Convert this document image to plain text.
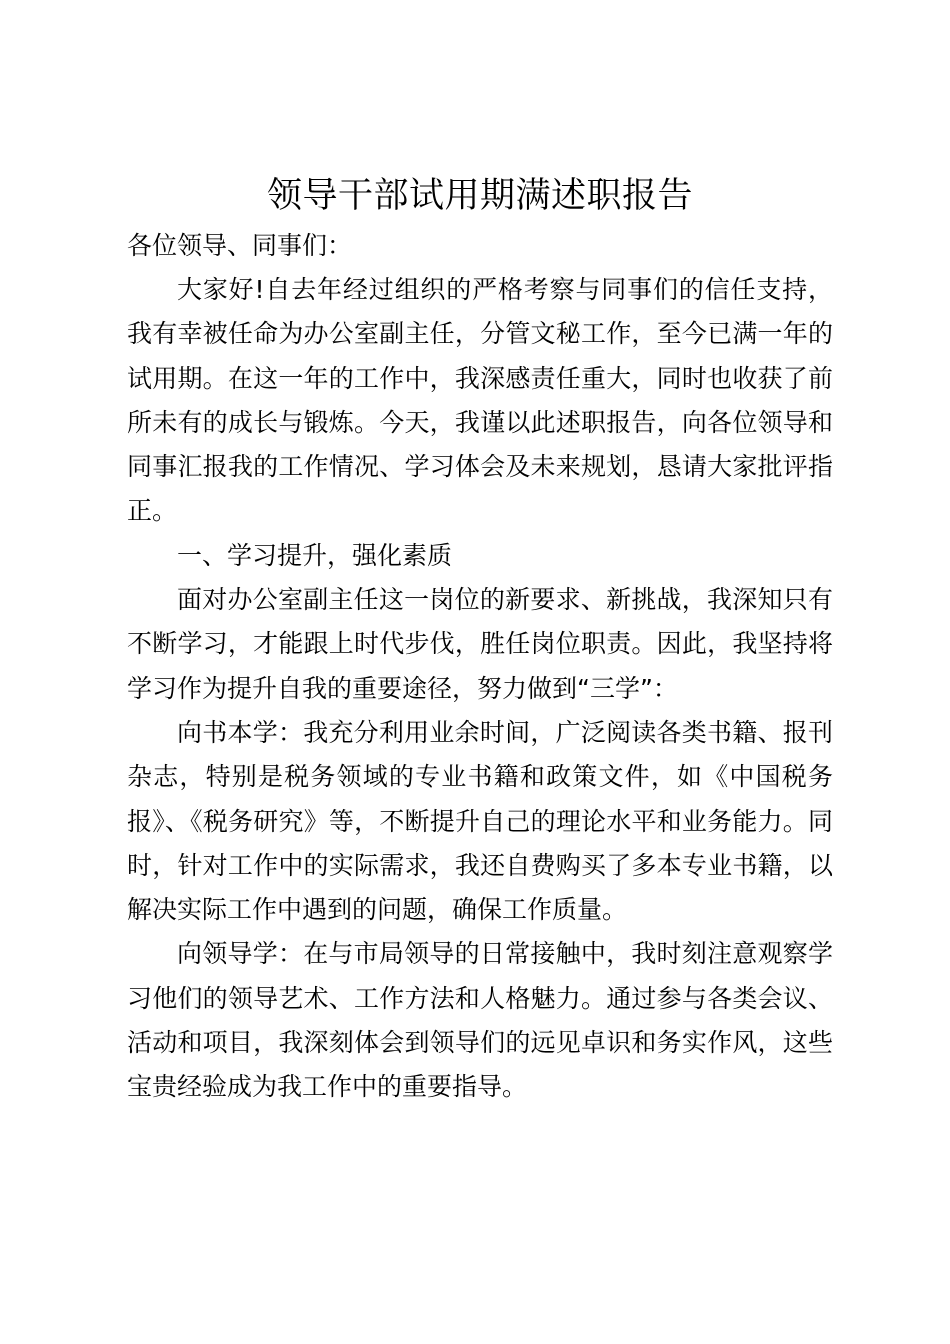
领导干部试用期满述职报告

各位领导、同事们：

大家好!自去年经过组织的严格考察与同事们的信任支持，我有幸被任命为办公室副主任，分管文秘工作，至今已满一年的试用期。在这一年的工作中，我深感责任重大，同时也收获了前所未有的成长与锻炼。今天，我谨以此述职报告，向各位领导和同事汇报我的工作情况、学习体会及未来规划，恳请大家批评指正。

一、学习提升，强化素质

面对办公室副主任这一岗位的新要求、新挑战，我深知只有不断学习，才能跟上时代步伐，胜任岗位职责。因此，我坚持将学习作为提升自我的重要途径，努力做到“三学”：

向书本学：我充分利用业余时间，广泛阅读各类书籍、报刊杂志，特别是税务领域的专业书籍和政策文件，如《中国税务报》、《税务研究》等，不断提升自己的理论水平和业务能力。同时，针对工作中的实际需求，我还自费购买了多本专业书籍，以解决实际工作中遇到的问题，确保工作质量。

向领导学：在与市局领导的日常接触中，我时刻注意观察学习他们的领导艺术、工作方法和人格魅力。通过参与各类会议、活动和项目，我深刻体会到领导们的远见卓识和务实作风，这些宝贵经验成为我工作中的重要指导。
